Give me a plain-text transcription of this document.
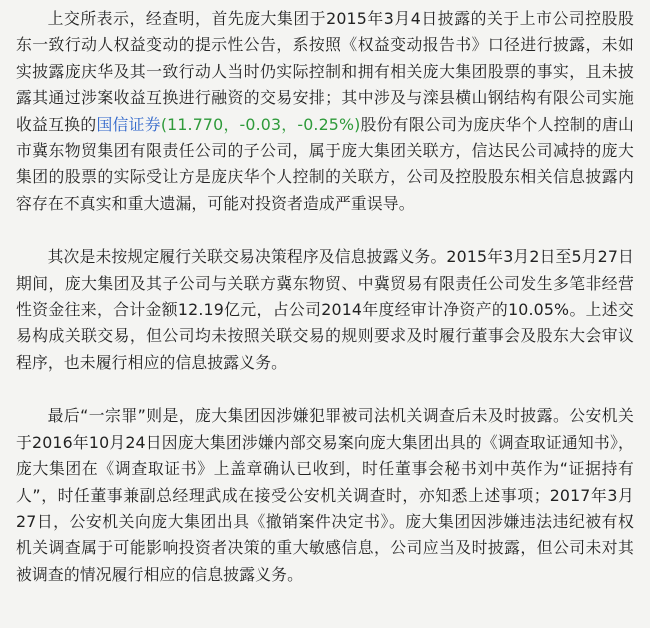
上交所表示，经查明，首先庞大集团于2015年3月4日披露的关于上市公司控股股东一致行动人权益变动的提示性公告，系按照《权益变动报告书》口径进行披露，未如实披露庞庆华及其一致行动人当时仍实际控制和拥有相关庞大集团股票的事实，且未披露其通过涉案收益互换进行融资的交易安排；其中涉及与滦县横山钢结构有限公司实施收益互换的国信证券(11.770，-0.03，-0.25%)股份有限公司为庞庆华个人控制的唐山市冀东物贸集团有限责任公司的子公司，属于庞大集团关联方，信达民公司减持的庞大集团的股票的实际受让方是庞庆华个人控制的关联方，公司及控股股东相关信息披露内容存在不真实和重大遗漏，可能对投资者造成严重误导。

其次是未按规定履行关联交易决策程序及信息披露义务。2015年3月2日至5月27日期间，庞大集团及其子公司与关联方冀东物贸、中冀贸易有限责任公司发生多笔非经营性资金往来，合计金额12.19亿元，占公司2014年度经审计净资产的10.05%。上述交易构成关联交易，但公司均未按照关联交易的规则要求及时履行董事会及股东大会审议程序，也未履行相应的信息披露义务。

最后“一宗罪”则是，庞大集团因涉嫌犯罪被司法机关调查后未及时披露。公安机关于2016年10月24日因庞大集团涉嫌内部交易案向庞大集团出具的《调查取证通知书》，庞大集团在《调查取证书》上盖章确认已收到，时任董事会秘书刘中英作为“证据持有人”，时任董事兼副总经理武成在接受公安机关调查时，亦知悉上述事项；2017年3月27日，公安机关向庞大集团出具《撤销案件决定书》。庞大集团因涉嫌违法违纪被有权机关调查属于可能影响投资者决策的重大敏感信息，公司应当及时披露，但公司未对其被调查的情况履行相应的信息披露义务。
